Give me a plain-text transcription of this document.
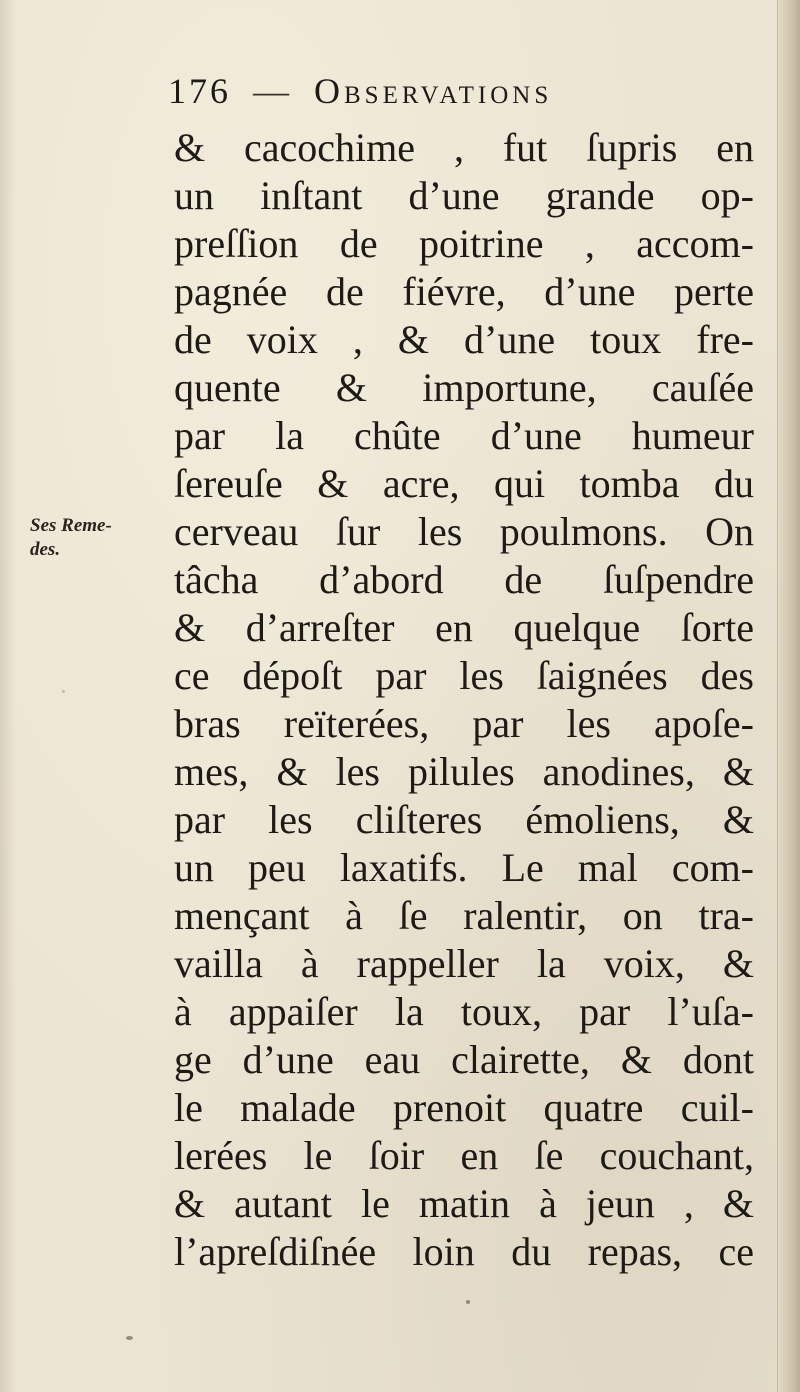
176 — Observations
Ses Reme-
des.
& cacochime , fut ſupris en
un inſtant d’une grande op-
preſſion de poitrine , accom-
pagnée de fiévre, d’une perte
de voix , & d’une toux fre-
quente & importune, cauſée
par la chûte d’une humeur
ſereuſe & acre, qui tomba du
cerveau ſur les poulmons. On
tâcha d’abord de ſuſpendre
& d’arreſter en quelque ſorte
ce dépoſt par les ſaignées des
bras reïterées, par les apoſe-
mes, & les pilules anodines, &
par les cliſteres émoliens, &
un peu laxatifs. Le mal com-
mençant à ſe ralentir, on tra-
vailla à rappeller la voix, &
à appaiſer la toux, par l’uſa-
ge d’une eau clairette, & dont
le malade prenoit quatre cuil-
lerées le ſoir en ſe couchant,
& autant le matin à jeun , &
l’apreſdiſnée loin du repas, ce
